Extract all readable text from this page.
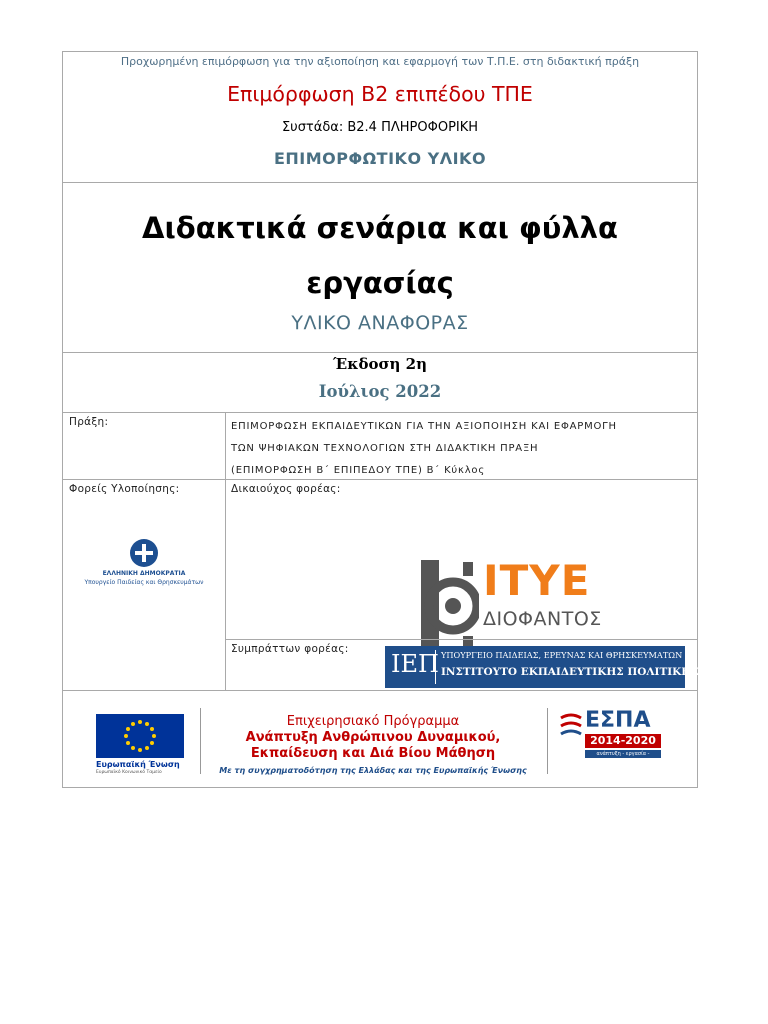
Προχωρημένη επιμόρφωση για την αξιοποίηση και εφαρμογή των Τ.Π.Ε. στη διδακτική πράξη
Επιμόρφωση Β2 επιπέδου ΤΠΕ
Συστάδα: Β2.4 ΠΛΗΡΟΦΟΡΙΚΗ
ΕΠΙΜΟΡΦΩΤΙΚΟ ΥΛΙΚΟ
Διδακτικά σενάρια και φύλλα
εργασίας
ΥΛΙΚΟ ΑΝΑΦΟΡΑΣ
Έκδοση 2η
Ιούλιος 2022
Πράξη:	ΕΠΙΜΟΡΦΩΣΗ ΕΚΠΑΙΔΕΥΤΙΚΩΝ ΓΙΑ ΤΗΝ ΑΞΙΟΠΟΙΗΣΗ ΚΑΙ ΕΦΑΡΜΟΓΗ
ΤΩΝ ΨΗΦΙΑΚΩΝ ΤΕΧΝΟΛΟΓΙΩΝ ΣΤΗ ΔΙΔΑΚΤΙΚΗ ΠΡΑΞΗ
(ΕΠΙΜΟΡΦΩΣΗ Β΄ ΕΠΙΠΕΔΟΥ ΤΠΕ) Β΄ Κύκλος
Φορείς Υλοποίησης:	Δικαιούχος φορέας:
ΕΛΛΗΝΙΚΗ ΔΗΜΟΚΡΑΤΙΑ
Υπουργείο Παιδείας και Θρησκευμάτων	ΙΤΥΕ
ΔΙΟΦΑΝΤΟΣ
Συμπράττων φορέας:
ΙΕΠ ΥΠΟΥΡΓΕΙΟ ΠΑΙΔΕΙΑΣ, ΕΡΕΥΝΑΣ ΚΑΙ ΘΡΗΣΚΕΥΜΑΤΩΝ
ΙΝΣΤΙΤΟΥΤΟ ΕΚΠΑΙΔΕΥΤΙΚΗΣ ΠΟΛΙΤΙΚΗΣ
Ευρωπαϊκή Ένωση
Ευρωπαϊκό Κοινωνικό Ταμείο
Επιχειρησιακό Πρόγραμμα
Ανάπτυξη Ανθρώπινου Δυναμικού,
Εκπαίδευση και Διά Βίου Μάθηση
Με τη συγχρηματοδότηση της Ελλάδας και της Ευρωπαϊκής Ένωσης
ΕΣΠΑ
2014-2020
ανάπτυξη - εργασία - αλληλεγγύη
